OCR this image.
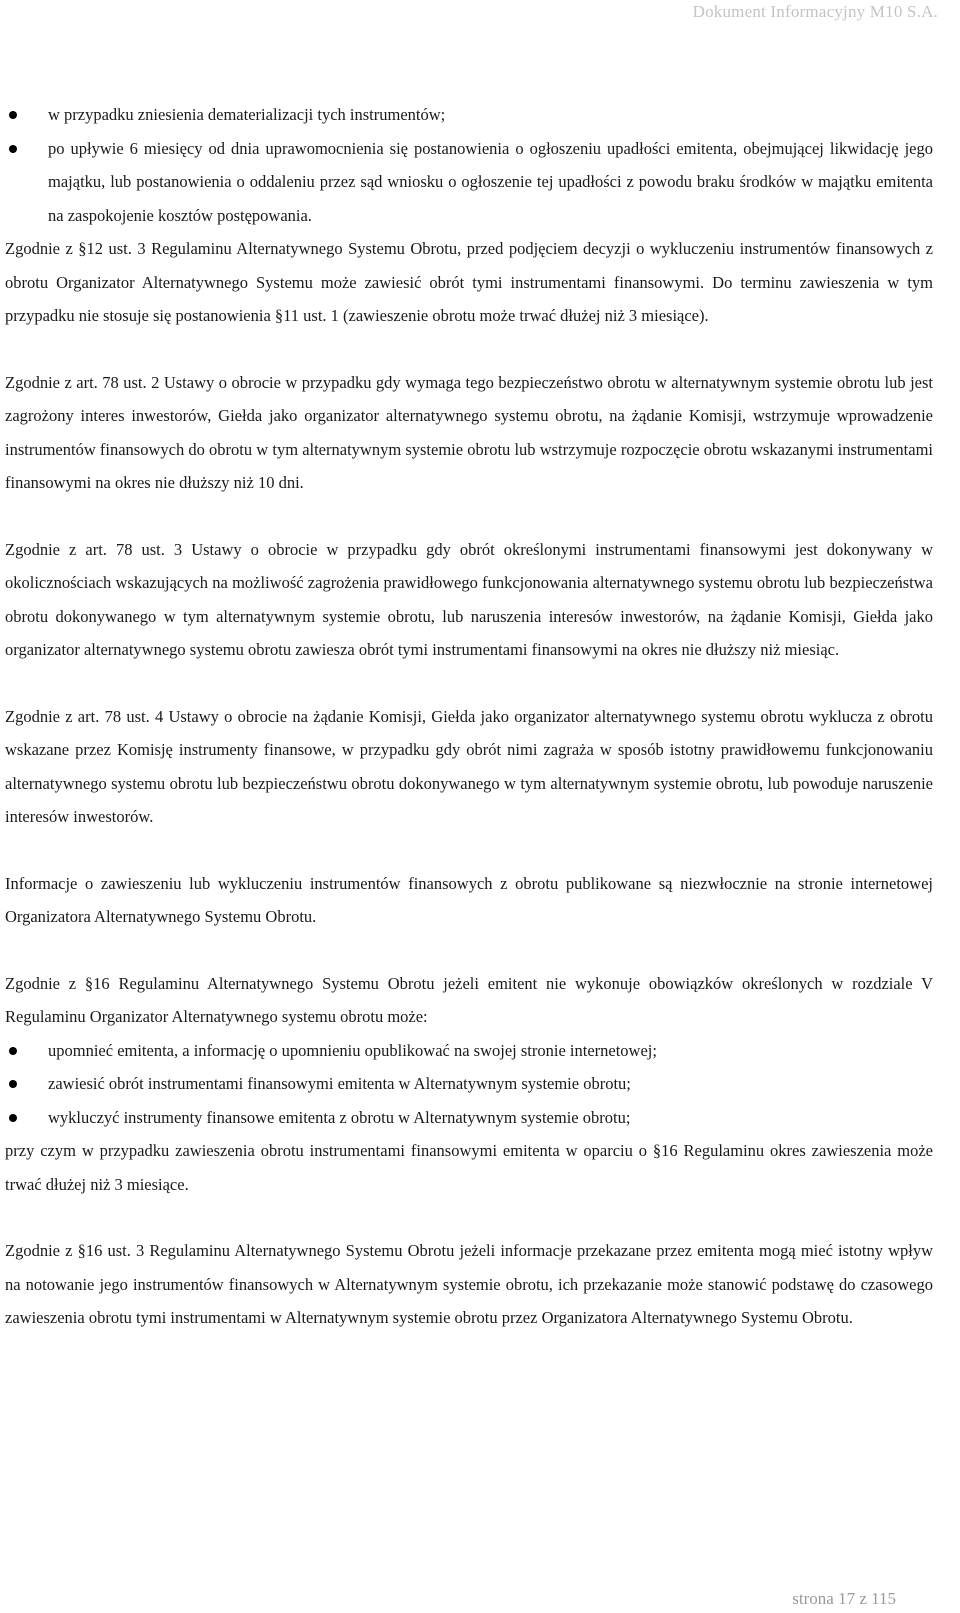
Dokument Informacyjny M10 S.A.
w przypadku zniesienia dematerializacji tych instrumentów;
po upływie 6 miesięcy od dnia uprawomocnienia się postanowienia o ogłoszeniu upadłości emitenta, obejmującej likwidację jego majątku, lub postanowienia o oddaleniu przez sąd wniosku o ogłoszenie tej upadłości z powodu braku środków w majątku emitenta na zaspokojenie kosztów postępowania.

Zgodnie z §12 ust. 3 Regulaminu Alternatywnego Systemu Obrotu, przed podjęciem decyzji o wykluczeniu instrumentów finansowych z obrotu Organizator Alternatywnego Systemu może zawiesić obrót tymi instrumentami finansowymi. Do terminu zawieszenia w tym przypadku nie stosuje się postanowienia §11 ust. 1 (zawieszenie obrotu może trwać dłużej niż 3 miesiące).

Zgodnie z art. 78 ust. 2 Ustawy o obrocie w przypadku gdy wymaga tego bezpieczeństwo obrotu w alternatywnym systemie obrotu lub jest zagrożony interes inwestorów, Giełda jako organizator alternatywnego systemu obrotu, na żądanie Komisji, wstrzymuje wprowadzenie instrumentów finansowych do obrotu w tym alternatywnym systemie obrotu lub wstrzymuje rozpoczęcie obrotu wskazanymi instrumentami finansowymi na okres nie dłuższy niż 10 dni.

Zgodnie z art. 78 ust. 3 Ustawy o obrocie w przypadku gdy obrót określonymi instrumentami finansowymi jest dokonywany w okolicznościach wskazujących na możliwość zagrożenia prawidłowego funkcjonowania alternatywnego systemu obrotu lub bezpieczeństwa obrotu dokonywanego w tym alternatywnym systemie obrotu, lub naruszenia interesów inwestorów, na żądanie Komisji, Giełda jako organizator alternatywnego systemu obrotu zawiesza obrót tymi instrumentami finansowymi na okres nie dłuższy niż miesiąc.

Zgodnie z art. 78 ust. 4 Ustawy o obrocie na żądanie Komisji, Giełda jako organizator alternatywnego systemu obrotu wyklucza z obrotu wskazane przez Komisję instrumenty finansowe, w przypadku gdy obrót nimi zagraża w sposób istotny prawidłowemu funkcjonowaniu alternatywnego systemu obrotu lub bezpieczeństwu obrotu dokonywanego w tym alternatywnym systemie obrotu, lub powoduje naruszenie interesów inwestorów.

Informacje o zawieszeniu lub wykluczeniu instrumentów finansowych z obrotu publikowane są niezwłocznie na stronie internetowej Organizatora Alternatywnego Systemu Obrotu.

Zgodnie z §16 Regulaminu Alternatywnego Systemu Obrotu jeżeli emitent nie wykonuje obowiązków określonych w rozdziale V Regulaminu Organizator Alternatywnego systemu obrotu może:

upomnieć emitenta, a informację o upomnieniu opublikować na swojej stronie internetowej;
zawiesić obrót instrumentami finansowymi emitenta w Alternatywnym systemie obrotu;
wykluczyć instrumenty finansowe emitenta z obrotu w Alternatywnym systemie obrotu;

przy czym w przypadku zawieszenia obrotu instrumentami finansowymi emitenta w oparciu o §16 Regulaminu okres zawieszenia może trwać dłużej niż 3 miesiące.

Zgodnie z §16 ust. 3 Regulaminu Alternatywnego Systemu Obrotu jeżeli informacje przekazane przez emitenta mogą mieć istotny wpływ na notowanie jego instrumentów finansowych w Alternatywnym systemie obrotu, ich przekazanie może stanowić podstawę do czasowego zawieszenia obrotu tymi instrumentami w Alternatywnym systemie obrotu przez Organizatora Alternatywnego Systemu Obrotu.

strona 17 z 115
